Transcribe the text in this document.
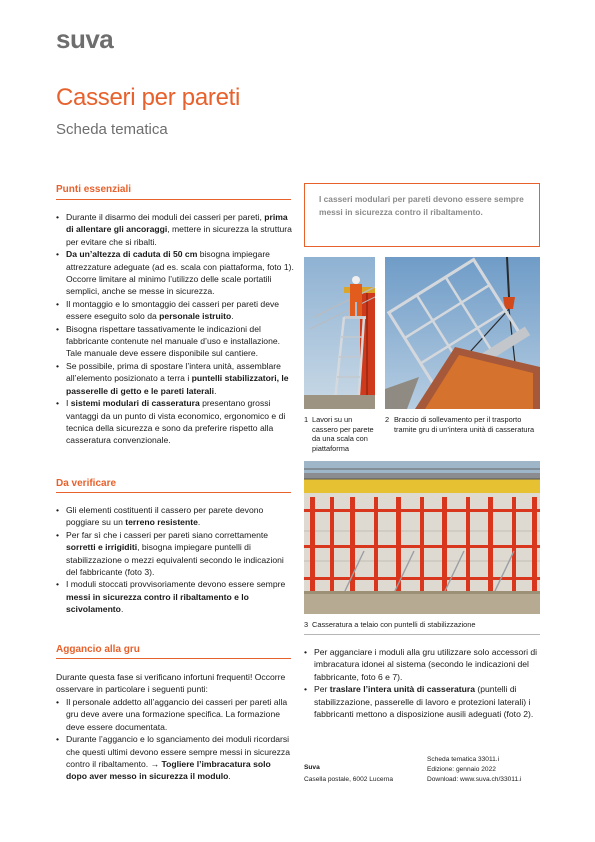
suva
Casseri per pareti
Scheda tematica
Punti essenziali
• Durante il disarmo dei moduli dei casseri per pareti, prima di allentare gli ancoraggi, mettere in sicurezza la struttura per evitare che si ribalti.
• Da un’altezza di caduta di 50 cm bisogna impiegare attrezzature adeguate (ad es. scala con piattaforma, foto 1). Occorre limitare al minimo l’utilizzo delle scale portatili semplici, anche se messe in sicurezza.
• Il montaggio e lo smontaggio dei casseri per pareti deve essere eseguito solo da personale istruito.
• Bisogna rispettare tassativamente le indicazioni del fabbricante contenute nel manuale d’uso e installazione. Tale manuale deve essere disponibile sul cantiere.
• Se possibile, prima di spostare l’intera unità, assemblare all’elemento posizionato a terra i puntelli stabilizzatori, le passerelle di getto e le pareti laterali.
• I sistemi modulari di casseratura presentano grossi vantaggi da un punto di vista economico, ergonomico e di tecnica della sicurezza e sono da preferire rispetto alla casseratura convenzionale.
I casseri modulari per pareti devono essere sempre messi in sicurezza contro il ribaltamento.
1 Lavori su un cassero per parete da una scala con piattaforma
2 Braccio di sollevamento per il trasporto tramite gru di un’intera unità di casseratura
Da verificare
• Gli elementi costituenti il cassero per parete devono poggiare su un terreno resistente.
• Per far sì che i casseri per pareti siano correttamente sorretti e irrigiditi, bisogna impiegare puntelli di stabilizzazione o mezzi equivalenti secondo le indicazioni del fabbricante (foto 3).
• I moduli stoccati provvisoriamente devono essere sempre messi in sicurezza contro il ribaltamento e lo scivolamento.
3 Casseratura a telaio con puntelli di stabilizzazione
Aggancio alla gru
Durante questa fase si verificano infortuni frequenti! Occorre osservare in particolare i seguenti punti:
• Il personale addetto all’aggancio dei casseri per pareti alla gru deve avere una formazione specifica. La formazione deve essere documentata.
• Durante l’aggancio e lo sganciamento dei moduli ricordarsi che questi ultimi devono essere sempre messi in sicurezza contro il ribaltamento. → Togliere l’imbracatura solo dopo aver messo in sicurezza il modulo.
• Per agganciare i moduli alla gru utilizzare solo accessori di imbracatura idonei al sistema (secondo le indicazioni del fabbricante, foto 6 e 7).
• Per traslare l’intera unità di casseratura (puntelli di stabilizzazione, passerelle di lavoro e protezioni laterali) i fabbricanti mettono a disposizione ausili adeguati (foto 2).
Suva
Casella postale, 6002 Lucerna
Scheda tematica 33011.i
Edizione: gennaio 2022
Download: www.suva.ch/33011.i
